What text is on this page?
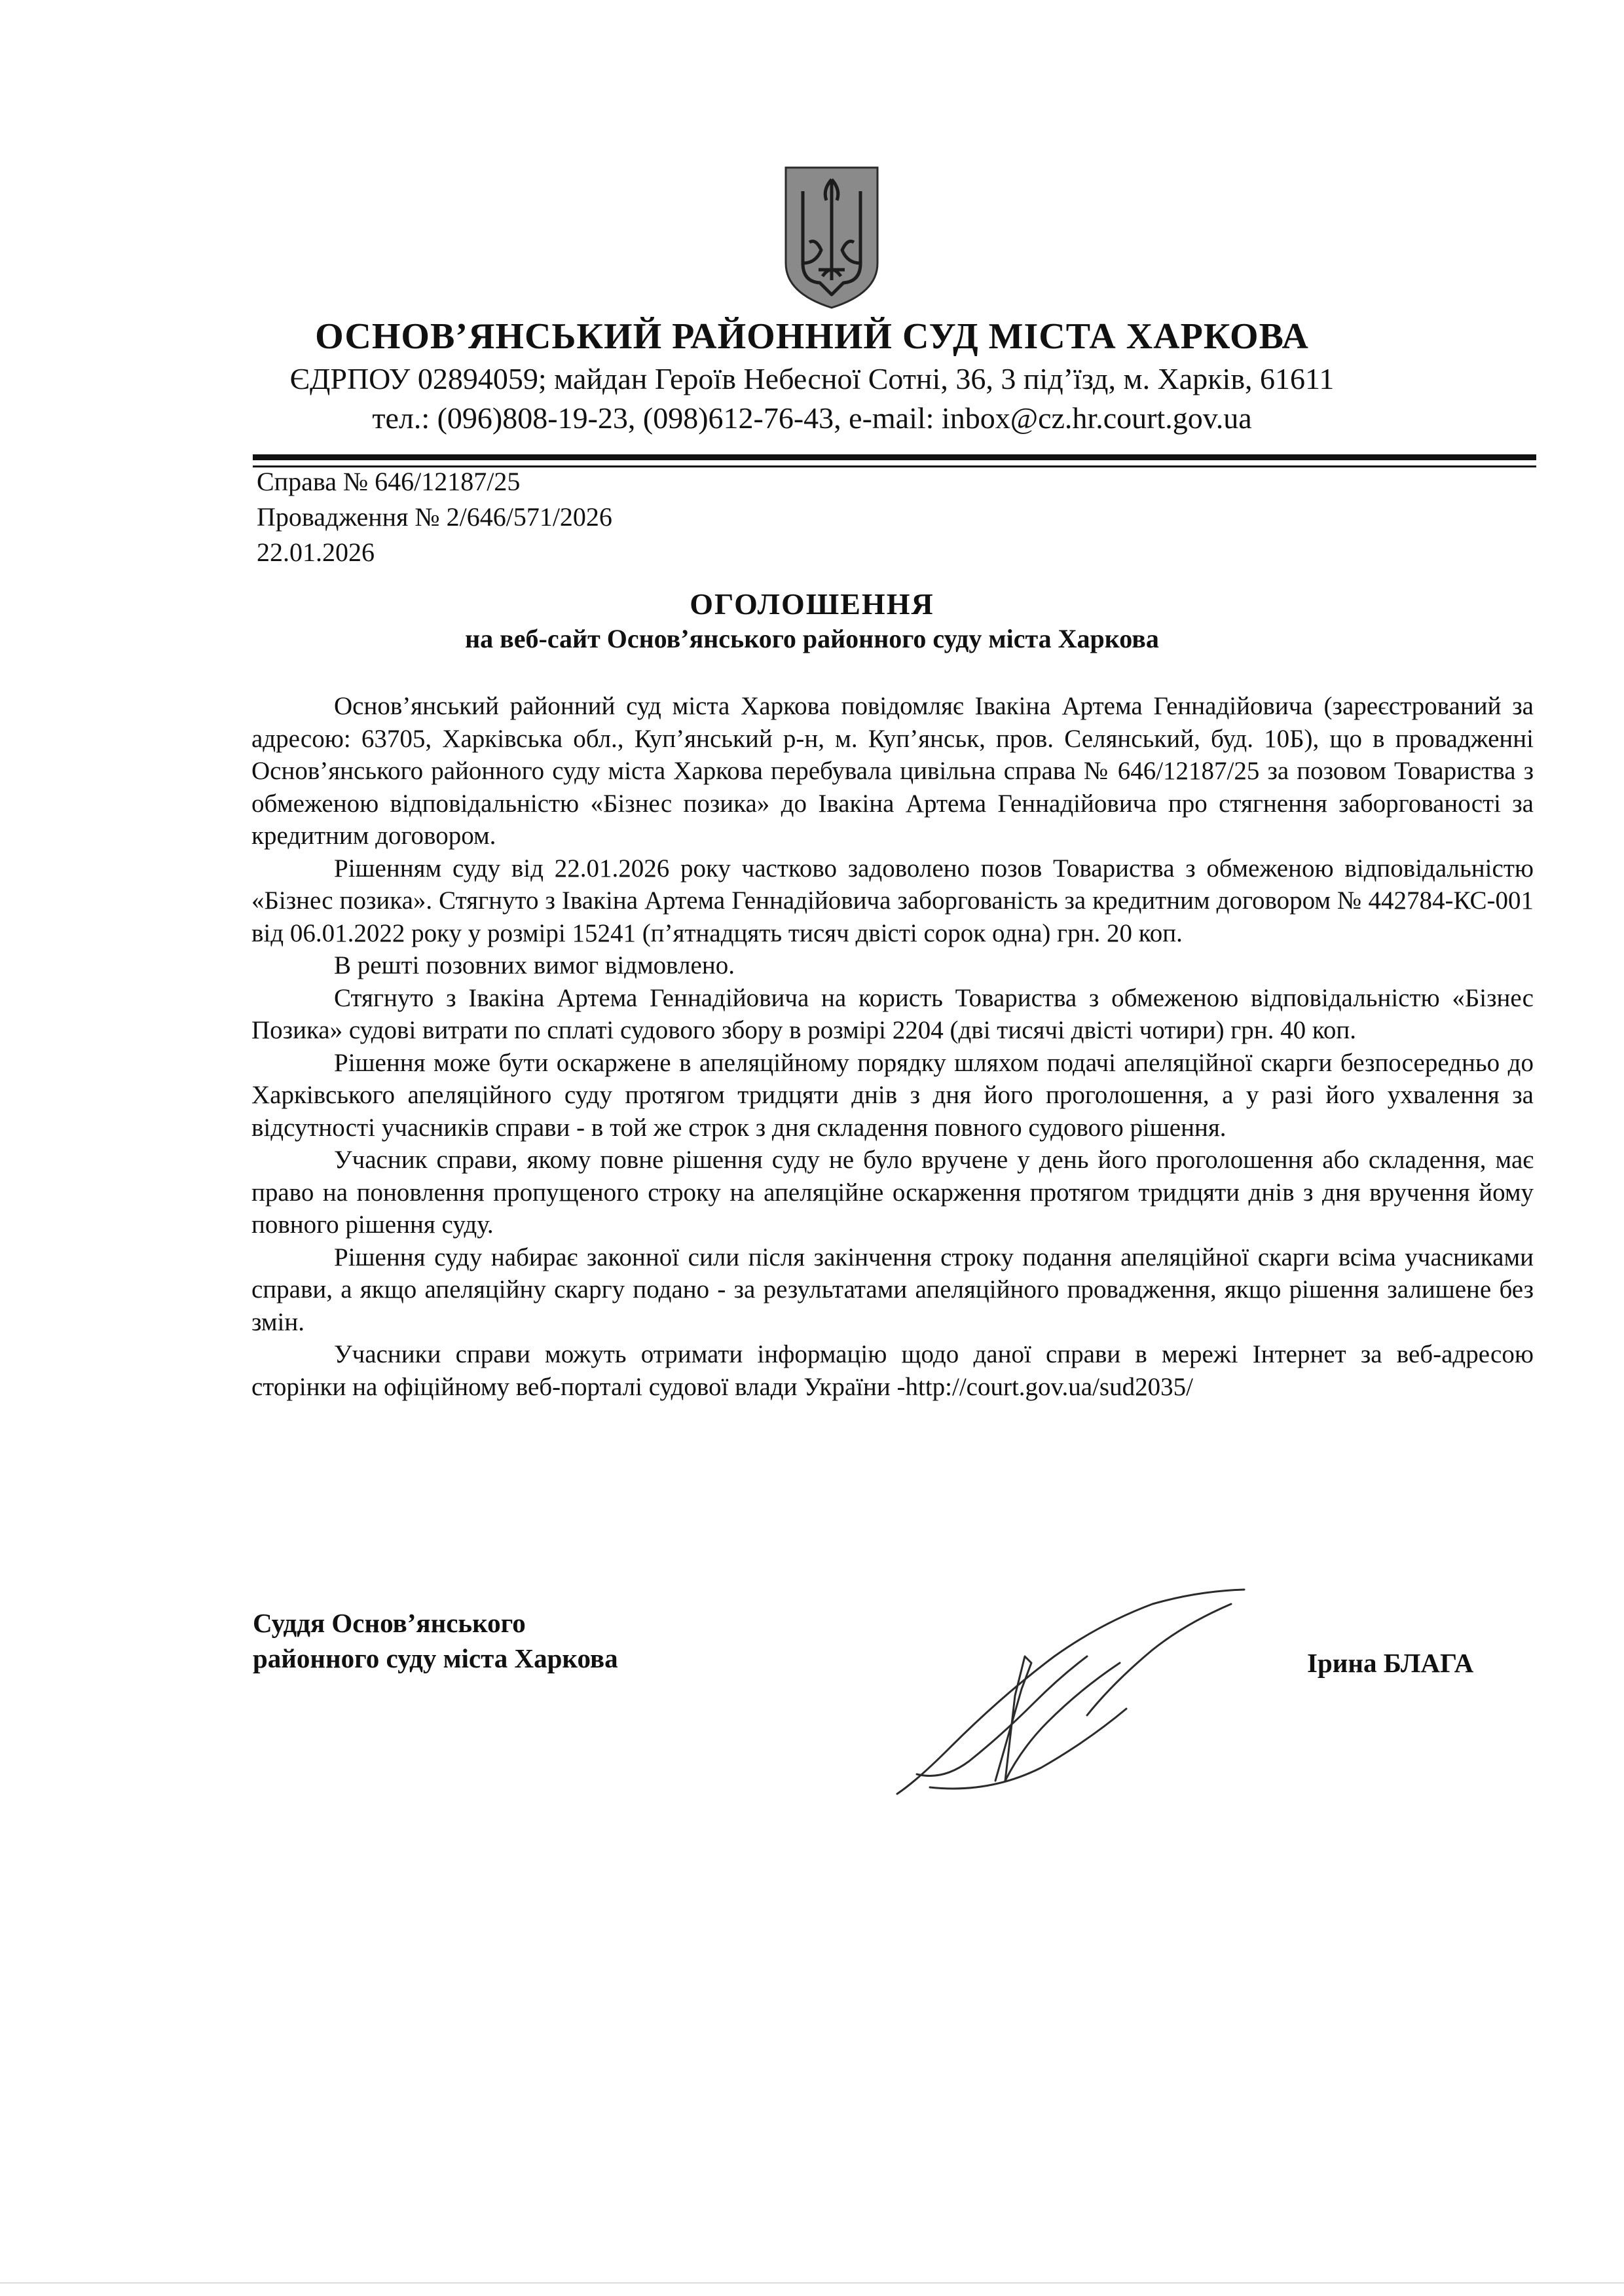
ОСНОВ’ЯНСЬКИЙ РАЙОННИЙ СУД МІСТА ХАРКОВА
ЄДРПОУ 02894059; майдан Героїв Небесної Сотні, 36, 3 під’їзд, м. Харків, 61611
тел.: (096)808-19-23, (098)612-76-43, e-mail: inbox@cz.hr.court.gov.ua
Справа № 646/12187/25
Провадження № 2/646/571/2026
22.01.2026
ОГОЛОШЕННЯ
на веб-сайт Основ’янського районного суду міста Харкова

Основ’янський районний суд міста Харкова повідомляє Івакіна Артема Геннадійовича (зареєстрований за адресою: 63705, Харківська обл., Куп’янський р-н, м. Куп’янськ, пров. Селянський, буд. 10Б), що в провадженні Основ’янського районного суду міста Харкова перебувала цивільна справа № 646/12187/25 за позовом Товариства з обмеженою відповідальністю «Бізнес позика» до Івакіна Артема Геннадійовича про стягнення заборгованості за кредитним договором.

Рішенням суду від 22.01.2026 року частково задоволено позов Товариства з обмеженою відповідальністю «Бізнес позика». Стягнуто з Івакіна Артема Геннадійовича заборгованість за кредитним договором № 442784-КС-001 від 06.01.2022 року у розмірі 15241 (п’ятнадцять тисяч двісті сорок одна) грн. 20 коп.

В решті позовних вимог відмовлено.

Стягнуто з Івакіна Артема Геннадійовича на користь Товариства з обмеженою відповідальністю «Бізнес Позика» судові витрати по сплаті судового збору в розмірі 2204 (дві тисячі двісті чотири) грн. 40 коп.

Рішення може бути оскаржене в апеляційному порядку шляхом подачі апеляційної скарги безпосередньо до Харківського апеляційного суду протягом тридцяти днів з дня його проголошення, а у разі його ухвалення за відсутності учасників справи - в той же строк з дня складення повного судового рішення.

Учасник справи, якому повне рішення суду не було вручене у день його проголошення або складення, має право на поновлення пропущеного строку на апеляційне оскарження протягом тридцяти днів з дня вручення йому повного рішення суду.

Рішення суду набирає законної сили після закінчення строку подання апеляційної скарги всіма учасниками справи, а якщо апеляційну скаргу подано - за результатами апеляційного провадження, якщо рішення залишене без змін.

Учасники справи можуть отримати інформацію щодо даної справи в мережі Інтернет за веб-адресою сторінки на офіційному веб-порталі судової влади України -http://court.gov.ua/sud2035/

Суддя Основ’янського
районного суду міста Харкова	Ірина БЛАГА
